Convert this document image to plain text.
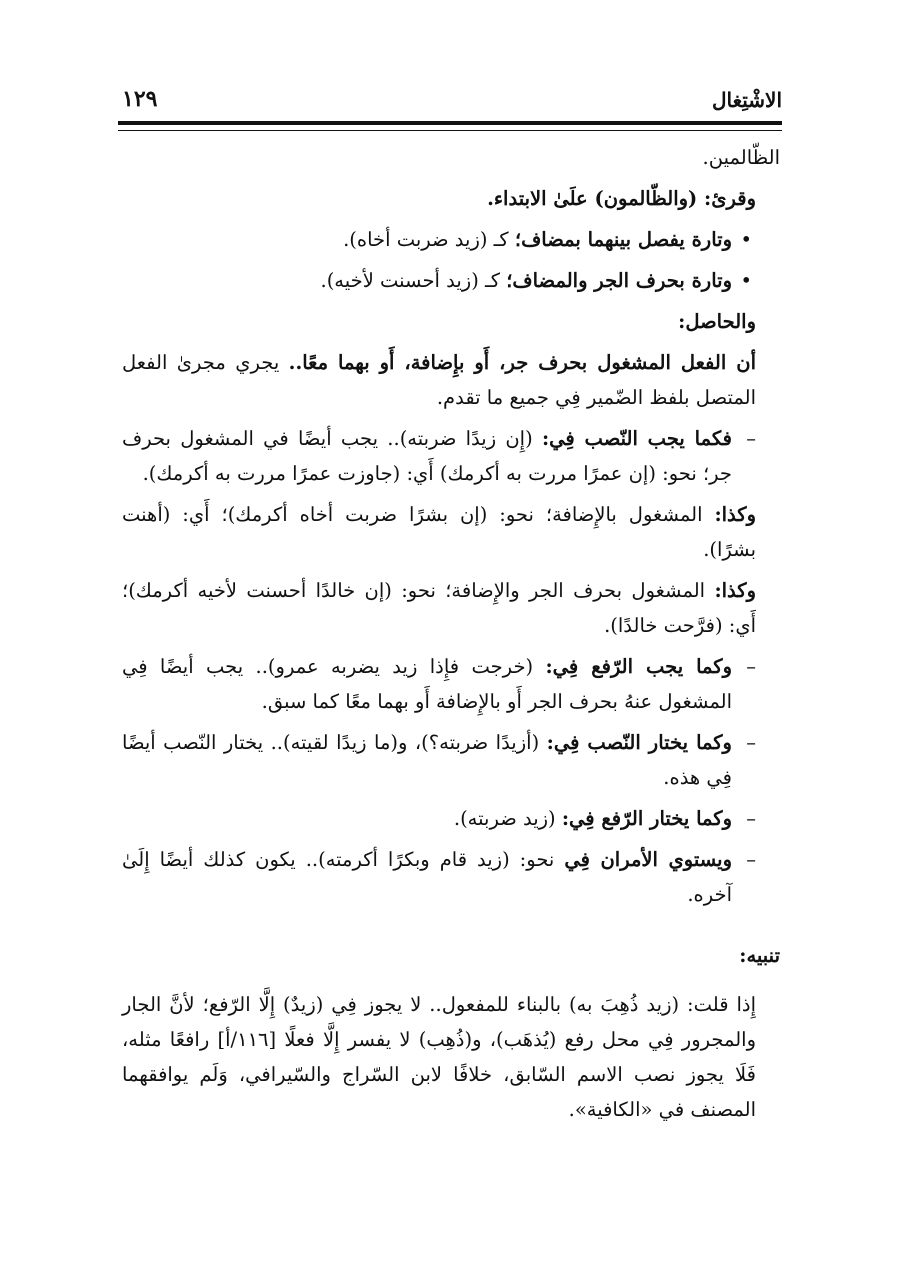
الاشْتِغال
١٢٩

الظّالمين.

وقرئ: (والظّالمون) علَىٰ الابتداء.

•
وتارة يفصل بينهما بمضاف؛ كـ (زيد ضربت أخاه).

•
وتارة بحرف الجر والمضاف؛ كـ (زيد أحسنت لأخيه).

والحاصل:

أن الفعل المشغول بحرف جر، أَو بإِضافة، أَو بهما معًا.. يجري مجرىٰ الفعل المتصل بلفظ الضّمير فِي جميع ما تقدم.

–
فكما يجب النّصب فِي: (إِن زيدًا ضربته).. يجب أيضًا في المشغول بحرف جر؛ نحو: (إن عمرًا مررت به أكرمك) أَي: (جاوزت عمرًا مررت به أكرمك).

وكذا: المشغول بالإِضافة؛ نحو: (إن بشرًا ضربت أخاه أكرمك)؛ أَي: (أهنت بشرًا).

وكذا: المشغول بحرف الجر والإِضافة؛ نحو: (إن خالدًا أحسنت لأخيه أكرمك)؛ أَي: (فرَّحت خالدًا).

–
وكما يجب الرّفع فِي: (خرجت فإِذا زيد يضربه عمرو).. يجب أيضًا فِي المشغول عنهُ بحرف الجر أَو بالإِضافة أَو بهما معًا كما سبق.

–
وكما يختار النّصب فِي: (أزيدًا ضربته؟)، و(ما زيدًا لقيته).. يختار النّصب أيضًا فِي هذه.

–
وكما يختار الرّفع فِي: (زيد ضربته).

–
ويستوي الأمران فِي نحو: (زيد قام وبكرًا أكرمته).. يكون كذلك أيضًا إِلَىٰ آخره.

تنبيه:

إِذا قلت: (زيد ذُهِبَ به) بالبناء للمفعول.. لا يجوز فِي (زيدٌ) إِلَّا الرّفع؛ لأنَّ الجار والمجرور فِي محل رفع (يُذهَب)، و(ذُهِب) لا يفسر إِلَّا فعلًا [١١٦/أ] رافعًا مثله، فَلَا يجوز نصب الاسم السّابق، خلافًا لابن السّراج والسّيرافي، وَلَم يوافقهما المصنف في «الكافية».
